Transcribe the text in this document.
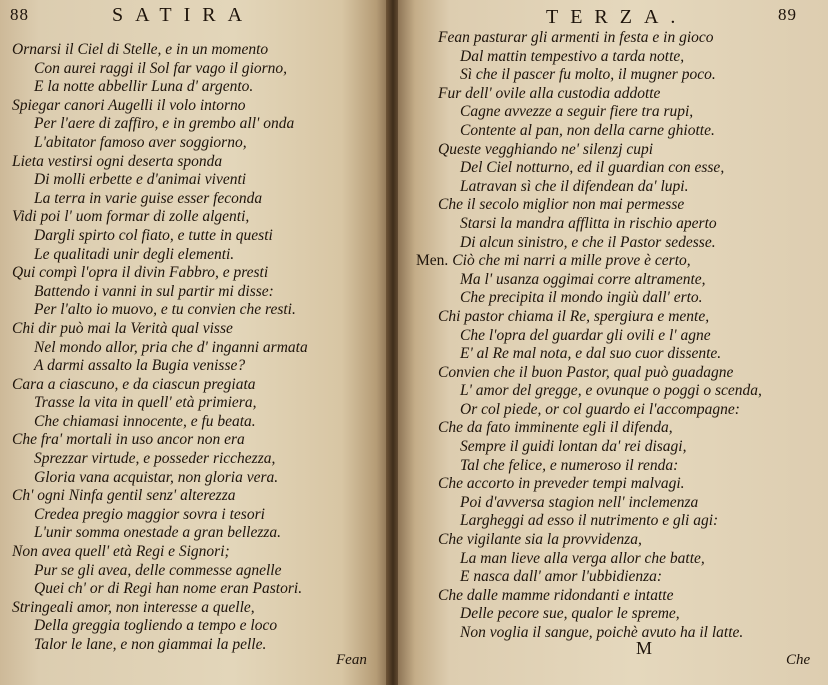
88	SATIRA
Ornarsi il Ciel di Stelle, e in un momento
Con aurei raggi il Sol far vago il giorno,
E la notte abbellir Luna d' argento.
Spiegar canori Augelli il volo intorno
Per l'aere di zaffiro, e in grembo all' onda
L'abitator famoso aver soggiorno,
Lieta vestirsi ogni deserta sponda
Di molli erbette e d'animai viventi
La terra in varie guise esser feconda
Vidi poi l' uom formar di zolle algenti,
Dargli spirto col fiato, e tutte in questi
Le qualitadi unir degli elementi.
Qui compì l'opra il divin Fabbro, e presti
Battendo i vanni in sul partir mi disse:
Per l'alto io muovo, e tu convien che resti.
Chi dir può mai la Verità qual visse
Nel mondo allor, pria che d' inganni armata
A darmi assalto la Bugia venisse?
Cara a ciascuno, e da ciascun pregiata
Trasse la vita in quell' età primiera,
Che chiamasi innocente, e fu beata.
Che fra' mortali in uso ancor non era
Sprezzar virtude, e posseder ricchezza,
Gloria vana acquistar, non gloria vera.
Ch' ogni Ninfa gentil senz' alterezza
Credea pregio maggior sovra i tesori
L'unir somma onestade a gran bellezza.
Non avea quell' età Regi e Signori;
Pur se gli avea, delle commesse agnelle
Quei ch' or di Regi han nome eran Pastori.
Stringeali amor, non interesse a quelle,
Della greggia togliendo a tempo e loco
Talor le lane, e non giammai la pelle.
Fean
TERZA.	89
Fean pasturar gli armenti in festa e in gioco
Dal mattin tempestivo a tarda notte,
Sì che il pascer fu molto, il mugner poco.
Fur dell' ovile alla custodia addotte
Cagne avvezze a seguir fiere tra rupi,
Contente al pan, non della carne ghiotte.
Queste vegghiando ne' silenzj cupi
Del Ciel notturno, ed il guardian con esse,
Latravan sì che il difendean da' lupi.
Che il secolo miglior non mai permesse
Starsi la mandra afflitta in rischio aperto
Di alcun sinistro, e che il Pastor sedesse.
Men. Ciò che mi narri a mille prove è certo,
Ma l' usanza oggimai corre altramente,
Che precipita il mondo ingiù dall' erto.
Chi pastor chiama il Re, spergiura e mente,
Che l'opra del guardar gli ovili e l' agne
E' al Re mal nota, e dal suo cuor dissente.
Convien che il buon Pastor, qual può guadagne
L' amor del gregge, e ovunque o poggi o scenda,
Or col piede, or col guardo ei l'accompagne:
Che da fato imminente egli il difenda,
Sempre il guidi lontan da' rei disagi,
Tal che felice, e numeroso il renda:
Che accorto in preveder tempi malvagi.
Poi d'avversa stagion nell' inclemenza
Largheggi ad esso il nutrimento e gli agi:
Che vigilante sia la provvidenza,
La man lieve alla verga allor che batte,
E nasca dall' amor l'ubbidienza:
Che dalle mamme ridondanti e intatte
Delle pecore sue, qualor le spreme,
Non voglia il sangue, poichè avuto ha il latte.
M
Che
